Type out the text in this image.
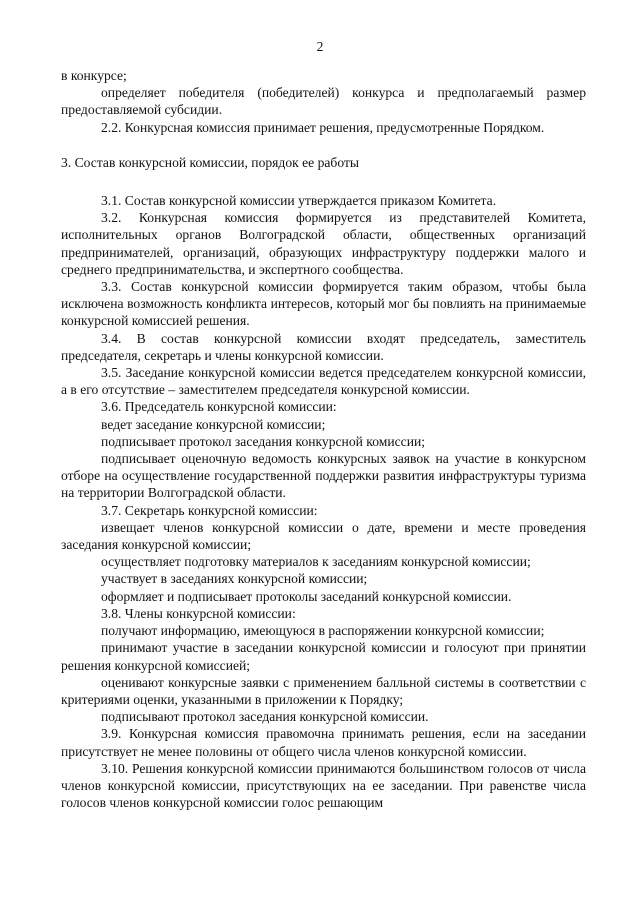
2

в конкурсе;

определяет победителя (победителей) конкурса и предполагаемый размер предоставляемой субсидии.

2.2. Конкурсная комиссия принимает решения, предусмотренные Порядком.

3. Состав конкурсной комиссии, порядок ее работы

3.1. Состав конкурсной комиссии утверждается приказом Комитета.

3.2. Конкурсная комиссия формируется из представителей Комитета, исполнительных органов Волгоградской области, общественных организаций предпринимателей, организаций, образующих инфраструктуру поддержки малого и среднего предпринимательства, и экспертного сообщества.

3.3. Состав конкурсной комиссии формируется таким образом, чтобы была исключена возможность конфликта интересов, который мог бы повлиять на принимаемые конкурсной комиссией решения.

3.4. В состав конкурсной комиссии входят председатель, заместитель председателя, секретарь и члены конкурсной комиссии.

3.5. Заседание конкурсной комиссии ведется председателем конкурсной комиссии, а в его отсутствие – заместителем председателя конкурсной комиссии.

3.6. Председатель конкурсной комиссии:

ведет заседание конкурсной комиссии;

подписывает протокол заседания конкурсной комиссии;

подписывает оценочную ведомость конкурсных заявок на участие в конкурсном отборе на осуществление государственной поддержки развития инфраструктуры туризма на территории Волгоградской области.

3.7. Секретарь конкурсной комиссии:

извещает членов конкурсной комиссии о дате, времени и месте проведения заседания конкурсной комиссии;

осуществляет подготовку материалов к заседаниям конкурсной комиссии;

участвует в заседаниях конкурсной комиссии;

оформляет и подписывает протоколы заседаний конкурсной комиссии.

3.8. Члены конкурсной комиссии:

получают информацию, имеющуюся в распоряжении конкурсной комиссии;

принимают участие в заседании конкурсной комиссии и голосуют при принятии решения конкурсной комиссией;

оценивают конкурсные заявки с применением балльной системы в соответствии с критериями оценки, указанными в приложении к Порядку;

подписывают протокол заседания конкурсной комиссии.

3.9. Конкурсная комиссия правомочна принимать решения, если на заседании присутствует не менее половины от общего числа членов конкурсной комиссии.

3.10. Решения конкурсной комиссии принимаются большинством голосов от числа членов конкурсной комиссии, присутствующих на ее заседании. При равенстве числа голосов членов конкурсной комиссии голос решающим
